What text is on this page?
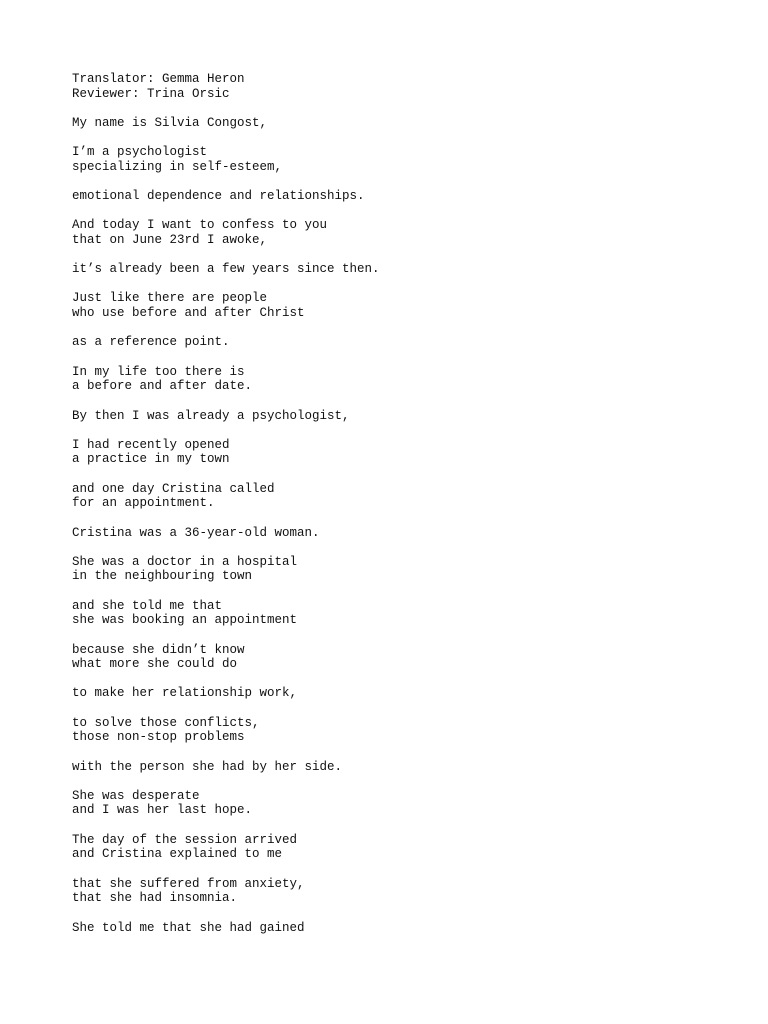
Translator: Gemma Heron
Reviewer: Trina Orsic
My name is Silvia Congost,
I’m a psychologist
specializing in self-esteem,
emotional dependence and relationships.
And today I want to confess to you
that on June 23rd I awoke,
it’s already been a few years since then.
Just like there are people
who use before and after Christ
as a reference point.
In my life too there is
a before and after date.
By then I was already a psychologist,
I had recently opened
a practice in my town
and one day Cristina called
for an appointment.
Cristina was a 36-year-old woman.
She was a doctor in a hospital
in the neighbouring town
and she told me that
she was booking an appointment
because she didn’t know
what more she could do
to make her relationship work,
to solve those conflicts,
those non-stop problems
with the person she had by her side.
She was desperate
and I was her last hope.
The day of the session arrived
and Cristina explained to me
that she suffered from anxiety,
that she had insomnia.
She told me that she had gained
